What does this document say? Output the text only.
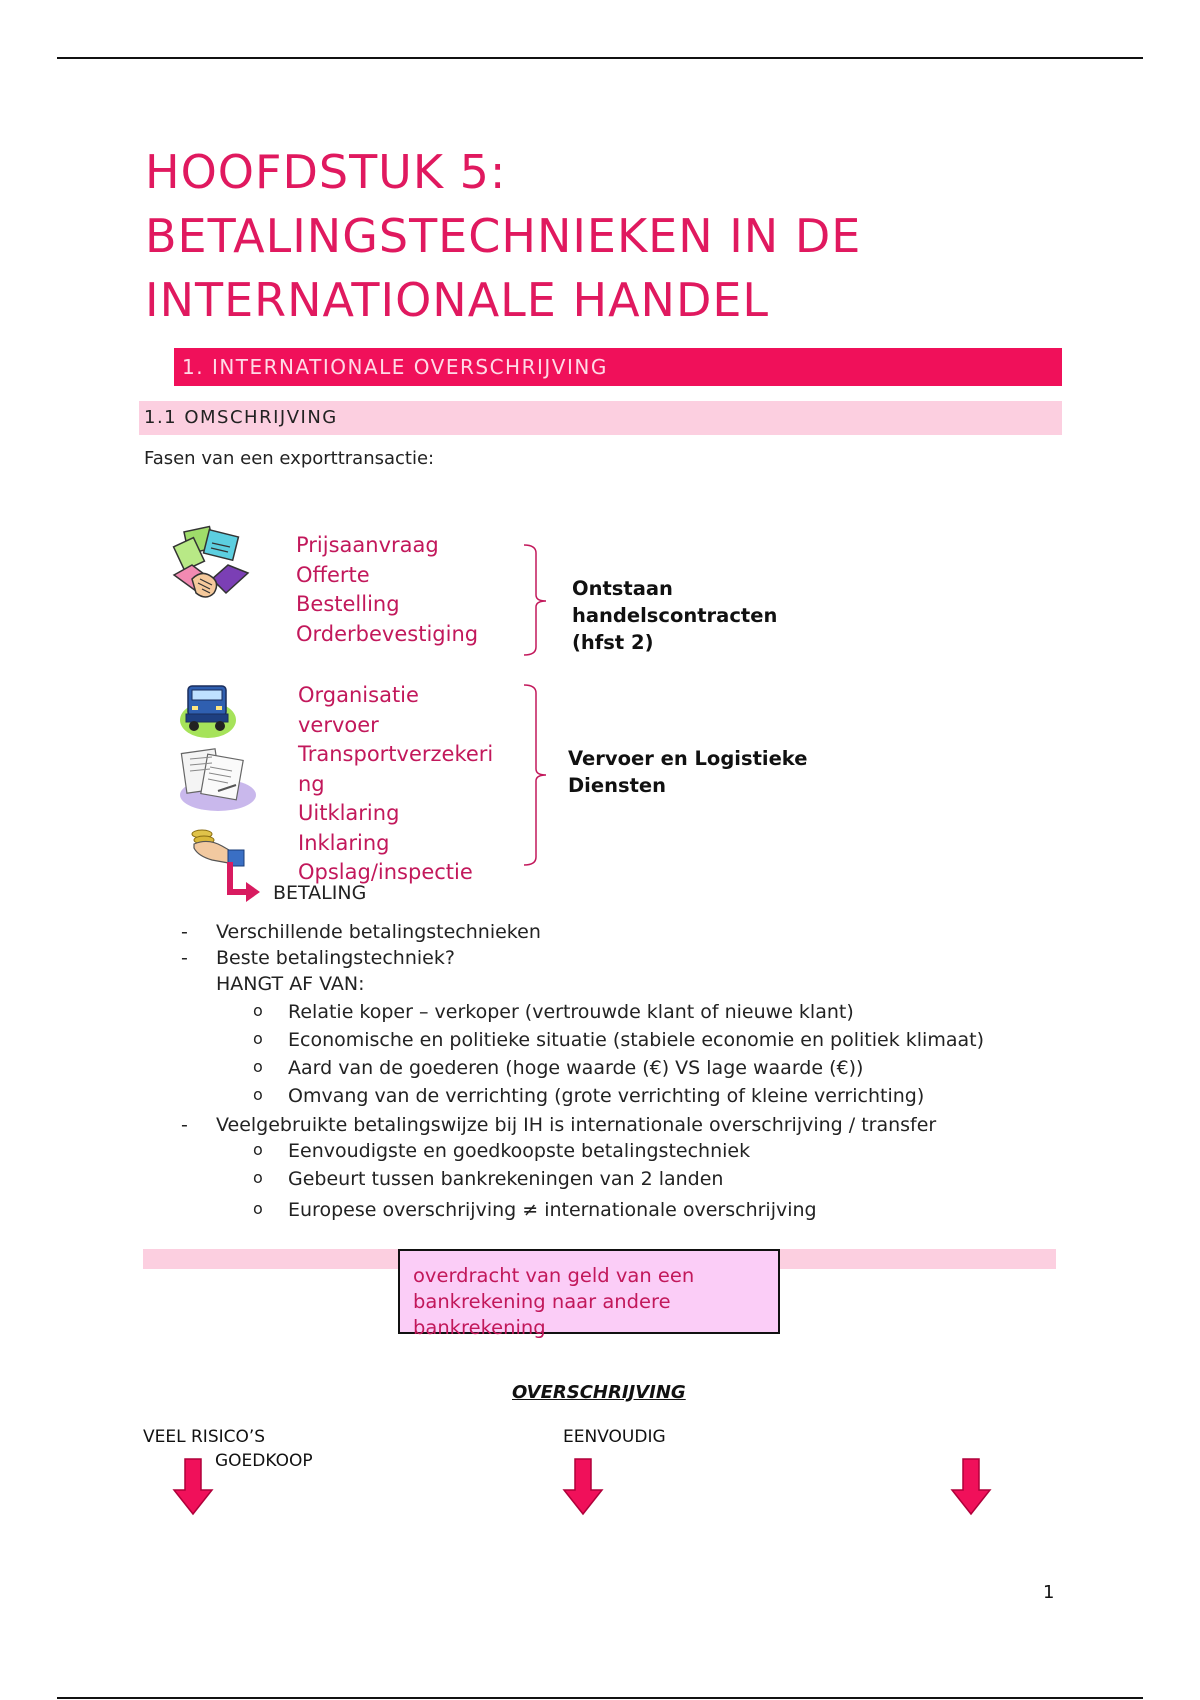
HOOFDSTUK 5:
BETALINGSTECHNIEKEN IN DE
INTERNATIONALE HANDEL
1. INTERNATIONALE OVERSCHRIJVING
1.1 OMSCHRIJVING
Fasen van een exporttransactie:
Prijsaanvraag
Offerte
Bestelling
Orderbevestiging
Ontstaan
handelscontracten
(hfst 2)
Organisatie
vervoer
Transportverzekeri
ng
Uitklaring
Inklaring
Opslag/inspectie
Vervoer en Logistieke
Diensten
BETALING
- Verschillende betalingstechnieken
- Beste betalingstechniek?
HANGT AF VAN:
o Relatie koper – verkoper (vertrouwde klant of nieuwe klant)
o Economische en politieke situatie (stabiele economie en politiek klimaat)
o Aard van de goederen (hoge waarde (€) VS lage waarde (€))
o Omvang van de verrichting (grote verrichting of kleine verrichting)
- Veelgebruikte betalingswijze bij IH is internationale overschrijving / transfer
o Eenvoudigste en goedkoopste betalingstechniek
o Gebeurt tussen bankrekeningen van 2 landen
o Europese overschrijving ≠ internationale overschrijving
overdracht van geld van een
bankrekening naar andere
bankrekening
OVERSCHRIJVING
VEEL RISICO’S
GOEDKOOP
EENVOUDIG
1
